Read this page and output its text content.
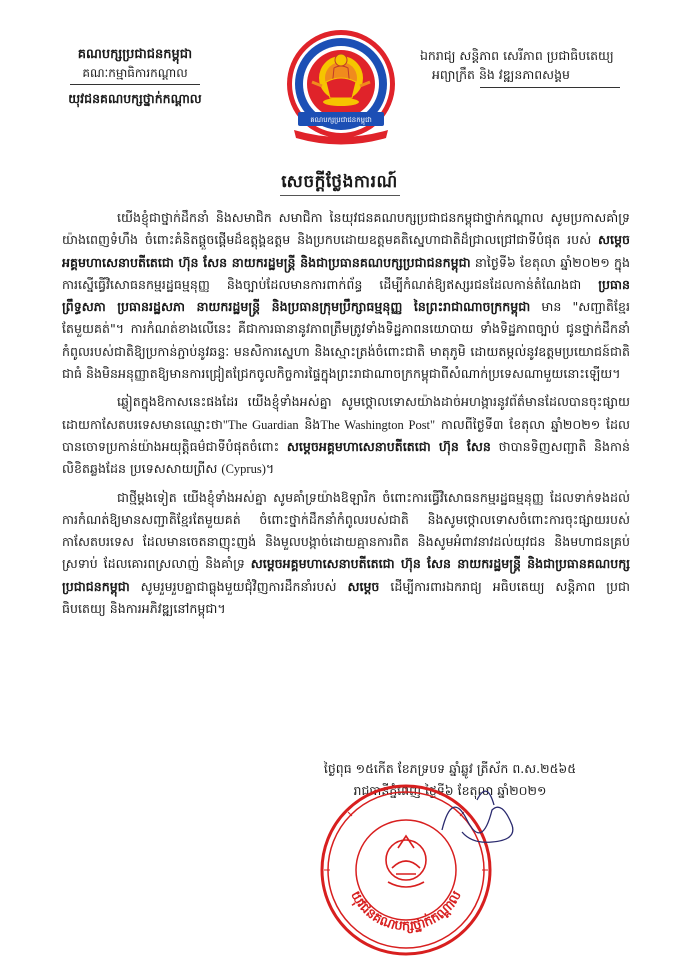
គណបក្សប្រជាជនកម្ពុជា
គណៈកម្មាធិការកណ្តាល
យុវជនគណបក្សថ្នាក់កណ្តាល
គណបក្សប្រជាជនកម្ពុជា
ឯករាជ្យ សន្តិភាព សេរីភាព ប្រជាធិបតេយ្យ
អព្យាក្រឹត និង វឌ្ឍនភាពសង្គម
សេចក្តីថ្លែងការណ៍

យើងខ្ញុំជាថ្នាក់ដឹកនាំ និងសមាជិក សមាជិកា នៃយុវជនគណបក្សប្រជាជនកម្ពុជាថ្នាក់កណ្តាល សូមប្រកាសគាំទ្រយ៉ាងពេញទំហឹង ចំពោះគំនិតផ្តួចផ្តើមដ៏ឧត្តុង្គឧត្តម និងប្រកបដោយឧត្តមគតិស្នេហាជាតិដ៏ជ្រាលជ្រៅជាទីបំផុត របស់ សម្តេចអគ្គមហាសេនាបតីតេជោ ហ៊ុន សែន នាយករដ្ឋមន្ត្រី និងជាប្រធានគណបក្សប្រជាជនកម្ពុជា នាថ្ងៃទី៦ ខែតុលា ឆ្នាំ២០២១ ក្នុងការស្នើធ្វើវិសោធនកម្មរដ្ឋធម្មនុញ្ញ និងច្បាប់ដែលមានការពាក់ព័ន្ធ ដើម្បីកំណត់ឱ្យឥស្សរជនដែលកាន់តំណែងជា ប្រធានព្រឹទ្ធសភា ប្រធានរដ្ឋសភា នាយករដ្ឋមន្ត្រី និងប្រធានក្រុមប្រឹក្សាធម្មនុញ្ញ នៃព្រះរាជាណាចក្រកម្ពុជា មាន "សញ្ជាតិខ្មែរតែមួយគត់"។ ការកំណត់ខាងលើនេះ គឺជាការធានានូវភាពត្រឹមត្រូវទាំងទិដ្ឋភាពនយោបាយ ទាំងទិដ្ឋភាពច្បាប់ ជូនថ្នាក់ដឹកនាំកំពូលរបស់ជាតិឱ្យប្រកាន់ភ្ជាប់នូវឆន្ទៈ មនសិការស្នេហា និងស្មោះត្រង់ចំពោះជាតិ មាតុភូមិ ដោយតម្កល់នូវឧត្តមប្រយោជន៍ជាតិជាធំ និងមិនអនុញ្ញាតឱ្យមានការជ្រៀតជ្រែកចូលកិច្ចការផ្ទៃក្នុងព្រះរាជាណាចក្រកម្ពុជាពីសំណាក់ប្រទេសណាមួយនោះឡើយ។

ឆ្លៀតក្នុងឱកាសនេះផងដែរ យើងខ្ញុំទាំងអស់គ្នា សូមថ្កោលទោសយ៉ាងដាច់អហង្ការនូវព័ត៌មានដែលបានចុះផ្សាយដោយកាសែតបរទេសមានឈ្មោះថា"The Guardian និងThe Washington Post" កាលពីថ្ងៃទី៣ ខែតុលា ឆ្នាំ២០២១ ដែលបានចោទប្រកាន់យ៉ាងអយុត្តិធម៌ជាទីបំផុតចំពោះ សម្តេចអគ្គមហាសេនាបតីតេជោ ហ៊ុន សែន ថាបានទិញសញ្ជាតិ និងកាន់លិខិតឆ្លងដែន ប្រទេសសាយព្រីស (Cyprus)។

ជាថ្មីម្តងទៀត យើងខ្ញុំទាំងអស់គ្នា សូមគាំទ្រយ៉ាងឱឡារិក ចំពោះការធ្វើវិសោធនកម្មរដ្ឋធម្មនុញ្ញ ដែលទាក់ទងដល់ការកំណត់ឱ្យមានសញ្ជាតិខ្មែរតែមួយគត់ ចំពោះថ្នាក់ដឹកនាំកំពូលរបស់ជាតិ និងសូមថ្កោលទោសចំពោះការចុះផ្សាយរបស់កាសែតបរទេស ដែលមានចេតនាញុះញង់ និងមួលបង្កាច់ដោយគ្មានការពិត និងសូមអំពាវនាវដល់យុវជន និងមហាជនគ្រប់ស្រទាប់ ដែលគោរពស្រលាញ់ និងគាំទ្រ សម្តេចអគ្គមហាសេនាបតីតេជោ ហ៊ុន សែន នាយករដ្ឋមន្ត្រី និងជាប្រធានគណបក្សប្រជាជនកម្ពុជា សូមរួមរួបគ្នាជាធ្លុងមួយជុំវិញការដឹកនាំរបស់ សម្តេច ដើម្បីការពារឯករាជ្យ អធិបតេយ្យ សន្តិភាព ប្រជាធិបតេយ្យ និងការអភិវឌ្ឍនៅកម្ពុជា។

ថ្ងៃពុធ ១៥កើត ខែភទ្របទ ឆ្នាំឆ្លូវ ត្រីស័ក ព.ស.២៥៦៥
រាជធានីភ្នំពេញ ថ្ងៃទី៦ ខែតុលា ឆ្នាំ២០២១
យុវជនគណបក្សថ្នាក់កណ្តាល
